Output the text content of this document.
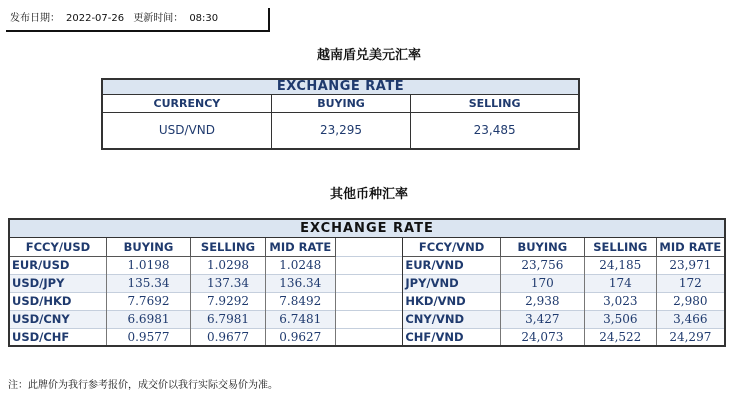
发布日期： 2022-07-26 更新时间： 08:30
越南盾兑美元汇率
EXCHANGE RATE		
CURRENCY	BUYING	SELLING
USD/VND	23,295	23,485
其他币种汇率
EXCHANGE RATE								
FCCY/USD	BUYING	SELLING	MID RATE		FCCY/VND	BUYING	SELLING	MID RATE
EUR/USD	1.0198	1.0298	1.0248		EUR/VND	23,756	24,185	23,971
USD/JPY	135.34	137.34	136.34		JPY/VND	170	174	172
USD/HKD	7.7692	7.9292	7.8492		HKD/VND	2,938	3,023	2,980
USD/CNY	6.6981	6.7981	6.7481		CNY/VND	3,427	3,506	3,466
USD/CHF	0.9577	0.9677	0.9627		CHF/VND	24,073	24,522	24,297
注：此牌价为我行参考报价，成交价以我行实际交易价为准。
